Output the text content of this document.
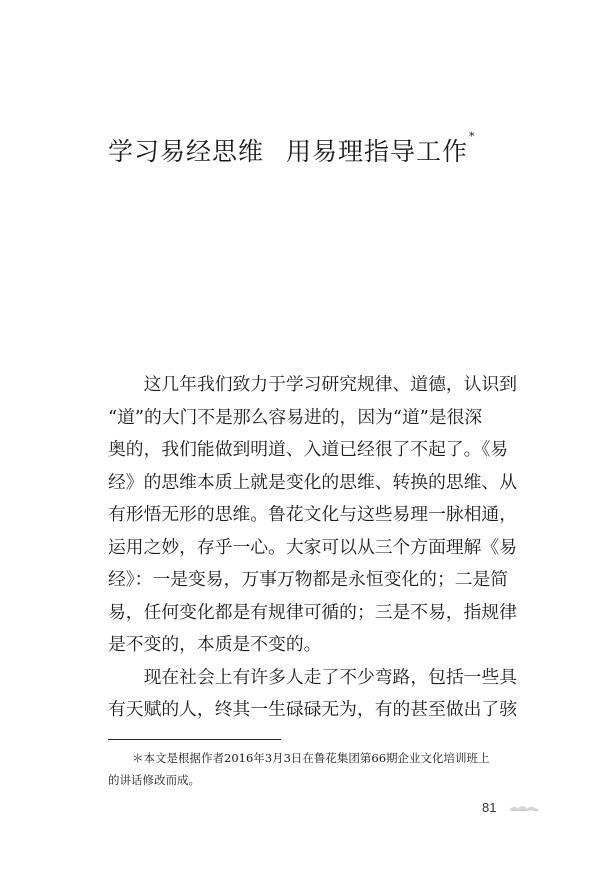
学习易经思维 用易理指导工作*

这几年我们致力于学习研究规律、道德，认识到
“道”的大门不是那么容易进的，因为“道”是很深
奥的，我们能做到明道、入道已经很了不起了。《易
经》的思维本质上就是变化的思维、转换的思维、从
有形悟无形的思维。鲁花文化与这些易理一脉相通，
运用之妙，存乎一心。大家可以从三个方面理解《易
经》：一是变易，万事万物都是永恒变化的；二是简
易，任何变化都是有规律可循的；三是不易，指规律
是不变的，本质是不变的。

现在社会上有许多人走了不少弯路，包括一些具
有天赋的人，终其一生碌碌无为，有的甚至做出了骇

＊本文是根据作者2016年3月3日在鲁花集团第66期企业文化培训班上
的讲话修改而成。
81
